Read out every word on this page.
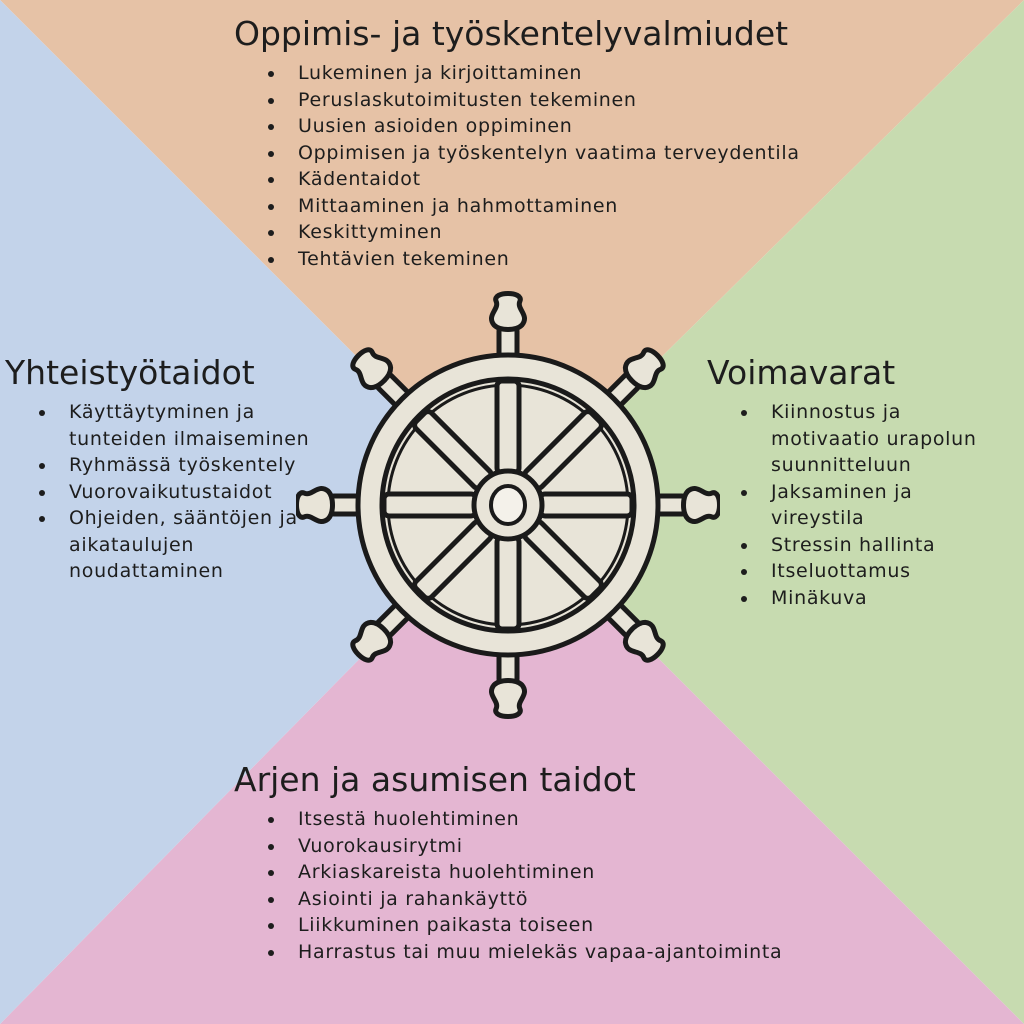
Oppimis- ja työskentelyvalmiudet
Lukeminen ja kirjoittaminen
Peruslaskutoimitusten tekeminen
Uusien asioiden oppiminen
Oppimisen ja työskentelyn vaatima terveydentila
Kädentaidot
Mittaaminen ja hahmottaminen
Keskittyminen
Tehtävien tekeminen
Yhteistyötaidot
Käyttäytyminen ja tunteiden ilmaiseminen
Ryhmässä työskentely
Vuorovaikutustaidot
Ohjeiden, sääntöjen ja aikataulujen noudattaminen
Voimavarat
Kiinnostus ja motivaatio urapolun suunnitteluun
Jaksaminen ja vireystila
Stressin hallinta
Itseluottamus
Minäkuva
Arjen ja asumisen taidot
Itsestä huolehtiminen
Vuorokausirytmi
Arkiaskareista huolehtiminen
Asiointi ja rahankäyttö
Liikkuminen paikasta toiseen
Harrastus tai muu mielekäs vapaa-ajantoiminta
